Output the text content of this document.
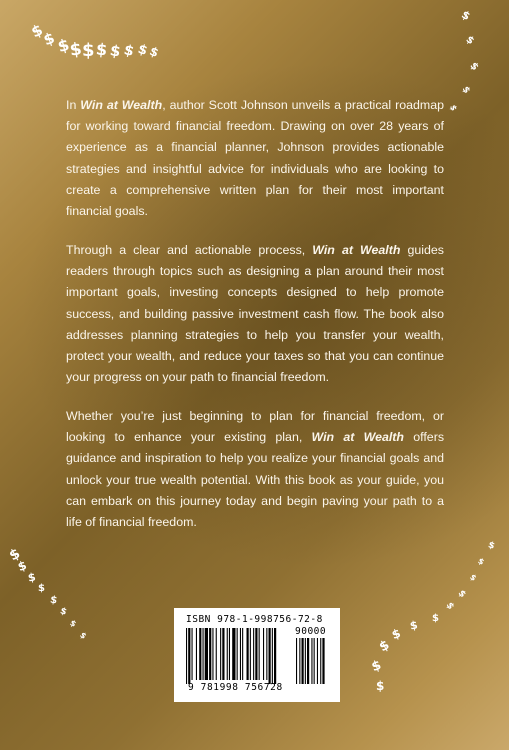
$
$
$
$
$ $ $ $ $
$
$
$
$
$
$
$
$
$
$
$
$
$
$
$
$
$
$
$
$
$
$
$
$
$

In Win at Wealth, author Scott Johnson unveils a practical roadmap for working toward financial freedom. Drawing on over 28 years of experience as a financial planner, Johnson provides actionable strategies and insightful advice for individuals who are looking to create a comprehensive written plan for their most important financial goals.

Through a clear and actionable process, Win at Wealth guides readers through topics such as designing a plan around their most important goals, investing concepts designed to help promote success, and building passive investment cash flow. The book also addresses planning strategies to help you transfer your wealth, protect your wealth, and reduce your taxes so that you can continue your progress on your path to financial freedom.

Whether you’re just beginning to plan for financial freedom, or looking to enhance your existing plan, Win at Wealth offers guidance and inspiration to help you realize your financial goals and unlock your true wealth potential. With this book as your guide, you can embark on this journey today and begin paving your path to a life of financial freedom.

ISBN 978-1-998756-72-8
90000
9 781998 756728
